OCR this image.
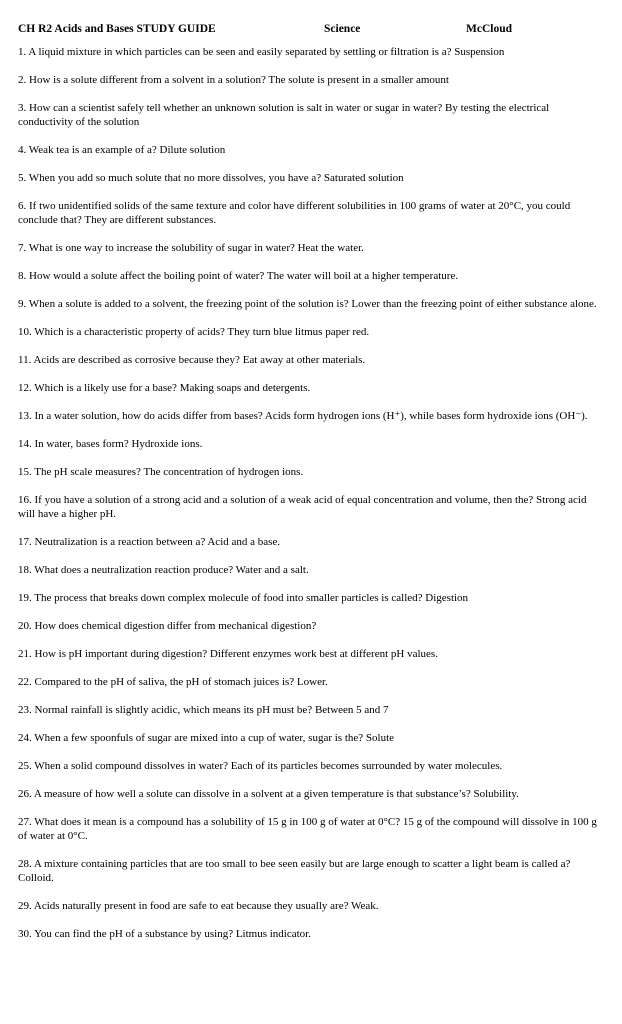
CH R2 Acids and Bases STUDY GUIDE	Science	McCloud

1. A liquid mixture in which particles can be seen and easily separated by settling or filtration is a? Suspension

2. How is a solute different from a solvent in a solution? The solute is present in a smaller amount

3. How can a scientist safely tell whether an unknown solution is salt in water or sugar in water? By testing the electrical conductivity of the solution

4. Weak tea is an example of a? Dilute solution

5. When you add so much solute that no more dissolves, you have a? Saturated solution

6. If two unidentified solids of the same texture and color have different solubilities in 100 grams of water at 20°C, you could conclude that? They are different substances.

7. What is one way to increase the solubility of sugar in water? Heat the water.

8. How would a solute affect the boiling point of water? The water will boil at a higher temperature.

9. When a solute is added to a solvent, the freezing point of the solution is? Lower than the freezing point of either substance alone.

10. Which is a characteristic property of acids? They turn blue litmus paper red.

11. Acids are described as corrosive because they? Eat away at other materials.

12. Which is a likely use for a base? Making soaps and detergents.

13. In a water solution, how do acids differ from bases? Acids form hydrogen ions (H⁺), while bases form hydroxide ions (OH⁻).

14. In water, bases form? Hydroxide ions.

15. The pH scale measures? The concentration of hydrogen ions.

16. If you have a solution of a strong acid and a solution of a weak acid of equal concentration and volume, then the? Strong acid will have a higher pH.

17. Neutralization is a reaction between a? Acid and a base.

18. What does a neutralization reaction produce? Water and a salt.

19. The process that breaks down complex molecule of food into smaller particles is called? Digestion

20. How does chemical digestion differ from mechanical digestion?

21. How is pH important during digestion? Different enzymes work best at different pH values.

22. Compared to the pH of saliva, the pH of stomach juices is? Lower.

23. Normal rainfall is slightly acidic, which means its pH must be? Between 5 and 7

24. When a few spoonfuls of sugar are mixed into a cup of water, sugar is the? Solute

25. When a solid compound dissolves in water? Each of its particles becomes surrounded by water molecules.

26. A measure of how well a solute can dissolve in a solvent at a given temperature is that substance’s? Solubility.

27. What does it mean is a compound has a solubility of 15 g in 100 g of water at 0°C? 15 g of the compound will dissolve in 100 g of water at 0°C.

28. A mixture containing particles that are too small to bee seen easily but are large enough to scatter a light beam is called a? Colloid.

29. Acids naturally present in food are safe to eat because they usually are? Weak.

30. You can find the pH of a substance by using? Litmus indicator.
